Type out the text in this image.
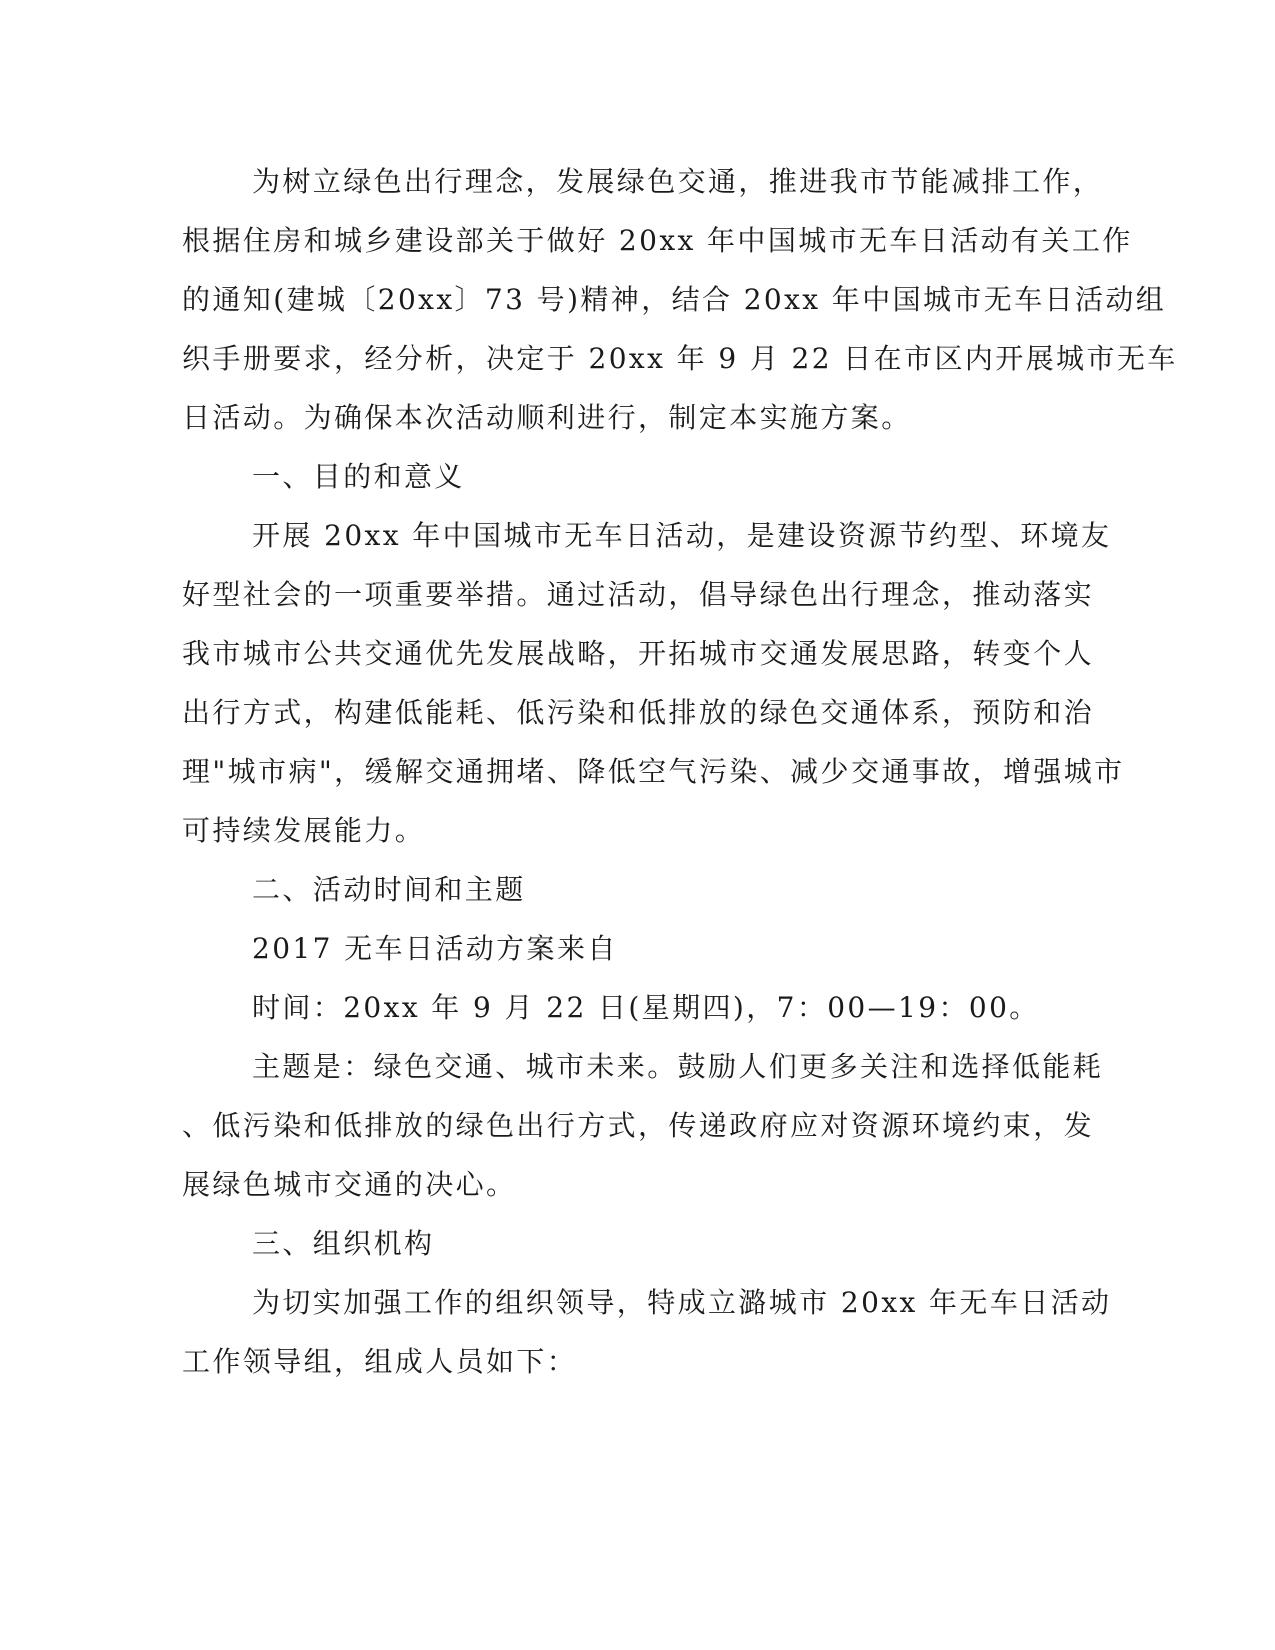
为树立绿色出行理念，发展绿色交通，推进我市节能减排工作，
根据住房和城乡建设部关于做好 20xx 年中国城市无车日活动有关工作
的通知(建城〔20xx〕73 号)精神，结合 20xx 年中国城市无车日活动组
织手册要求，经分析，决定于 20xx 年 9 月 22 日在市区内开展城市无车
日活动。为确保本次活动顺利进行，制定本实施方案。
一、目的和意义
开展 20xx 年中国城市无车日活动，是建设资源节约型、环境友
好型社会的一项重要举措。通过活动，倡导绿色出行理念，推动落实
我市城市公共交通优先发展战略，开拓城市交通发展思路，转变个人
出行方式，构建低能耗、低污染和低排放的绿色交通体系，预防和治
理"城市病"，缓解交通拥堵、降低空气污染、减少交通事故，增强城市
可持续发展能力。
二、活动时间和主题
2017 无车日活动方案来自
时间：20xx 年 9 月 22 日(星期四)，7：00—19：00。
主题是：绿色交通、城市未来。鼓励人们更多关注和选择低能耗
、低污染和低排放的绿色出行方式，传递政府应对资源环境约束，发
展绿色城市交通的决心。
三、组织机构
为切实加强工作的组织领导，特成立潞城市 20xx 年无车日活动
工作领导组，组成人员如下：
